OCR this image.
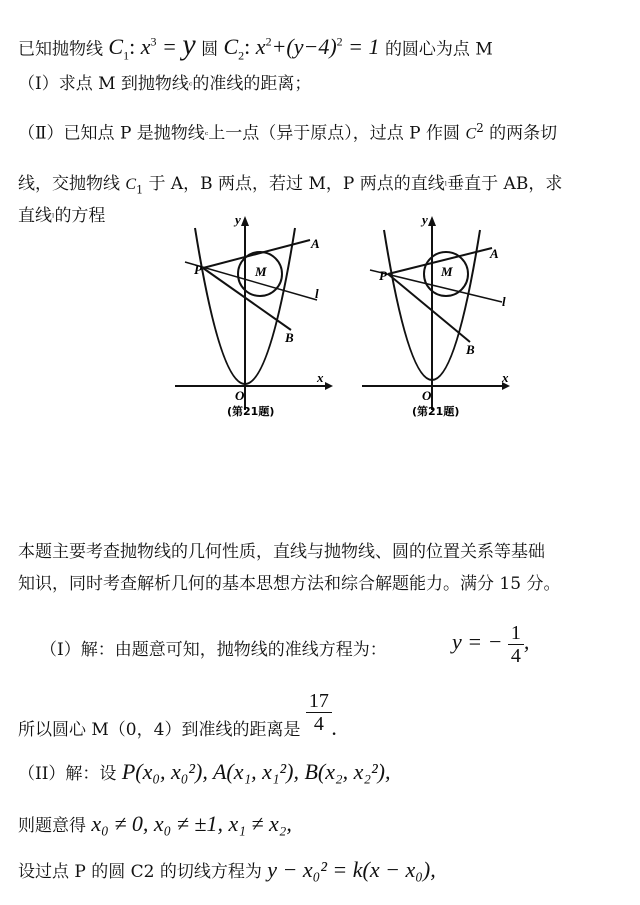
已知抛物线 $C_1$: $x^3 = y$ 圆 $C_2$: $x^2+(y-4)^2 = 1$ 的圆心为点 M
（Ⅰ）求点 M 到抛物线ᶜ的准线的距离；
（Ⅱ）已知点 P 是抛物线ᶜ上一点（异于原点），过点 P 作圆 $C_2$ 的两条切
线，交抛物线 $C_1$ 于 A，B 两点，若过 M，P 两点的直线ˡ垂直于 AB，求
直线ˡ的方程	y
x
O
P
A
B
M
l
(第21题)
y
x
O
P
A
B
M
l
(第21题)
本题主要考查抛物线的几何性质，直线与抛物线、圆的位置关系等基础
知识，同时考查解析几何的基本思想方法和综合解题能力。满分 15 分。
（I）解：由题意可知，抛物线的准线方程为：	y = − $\frac{1}{4}$ ,
所以圆心 M（0，4）到准线的距离是 $\frac{17}{4}$ .
（II）解：设 P(x₀, x₀²), A(x₁, x₁²), B(x₂, x₂²),
则题意得 x₀ ≠ 0, x₀ ≠ ±1, x₁ ≠ x₂,
设过点 P 的圆 C2 的切线方程为 y − x₀² = k(x − x₀),
